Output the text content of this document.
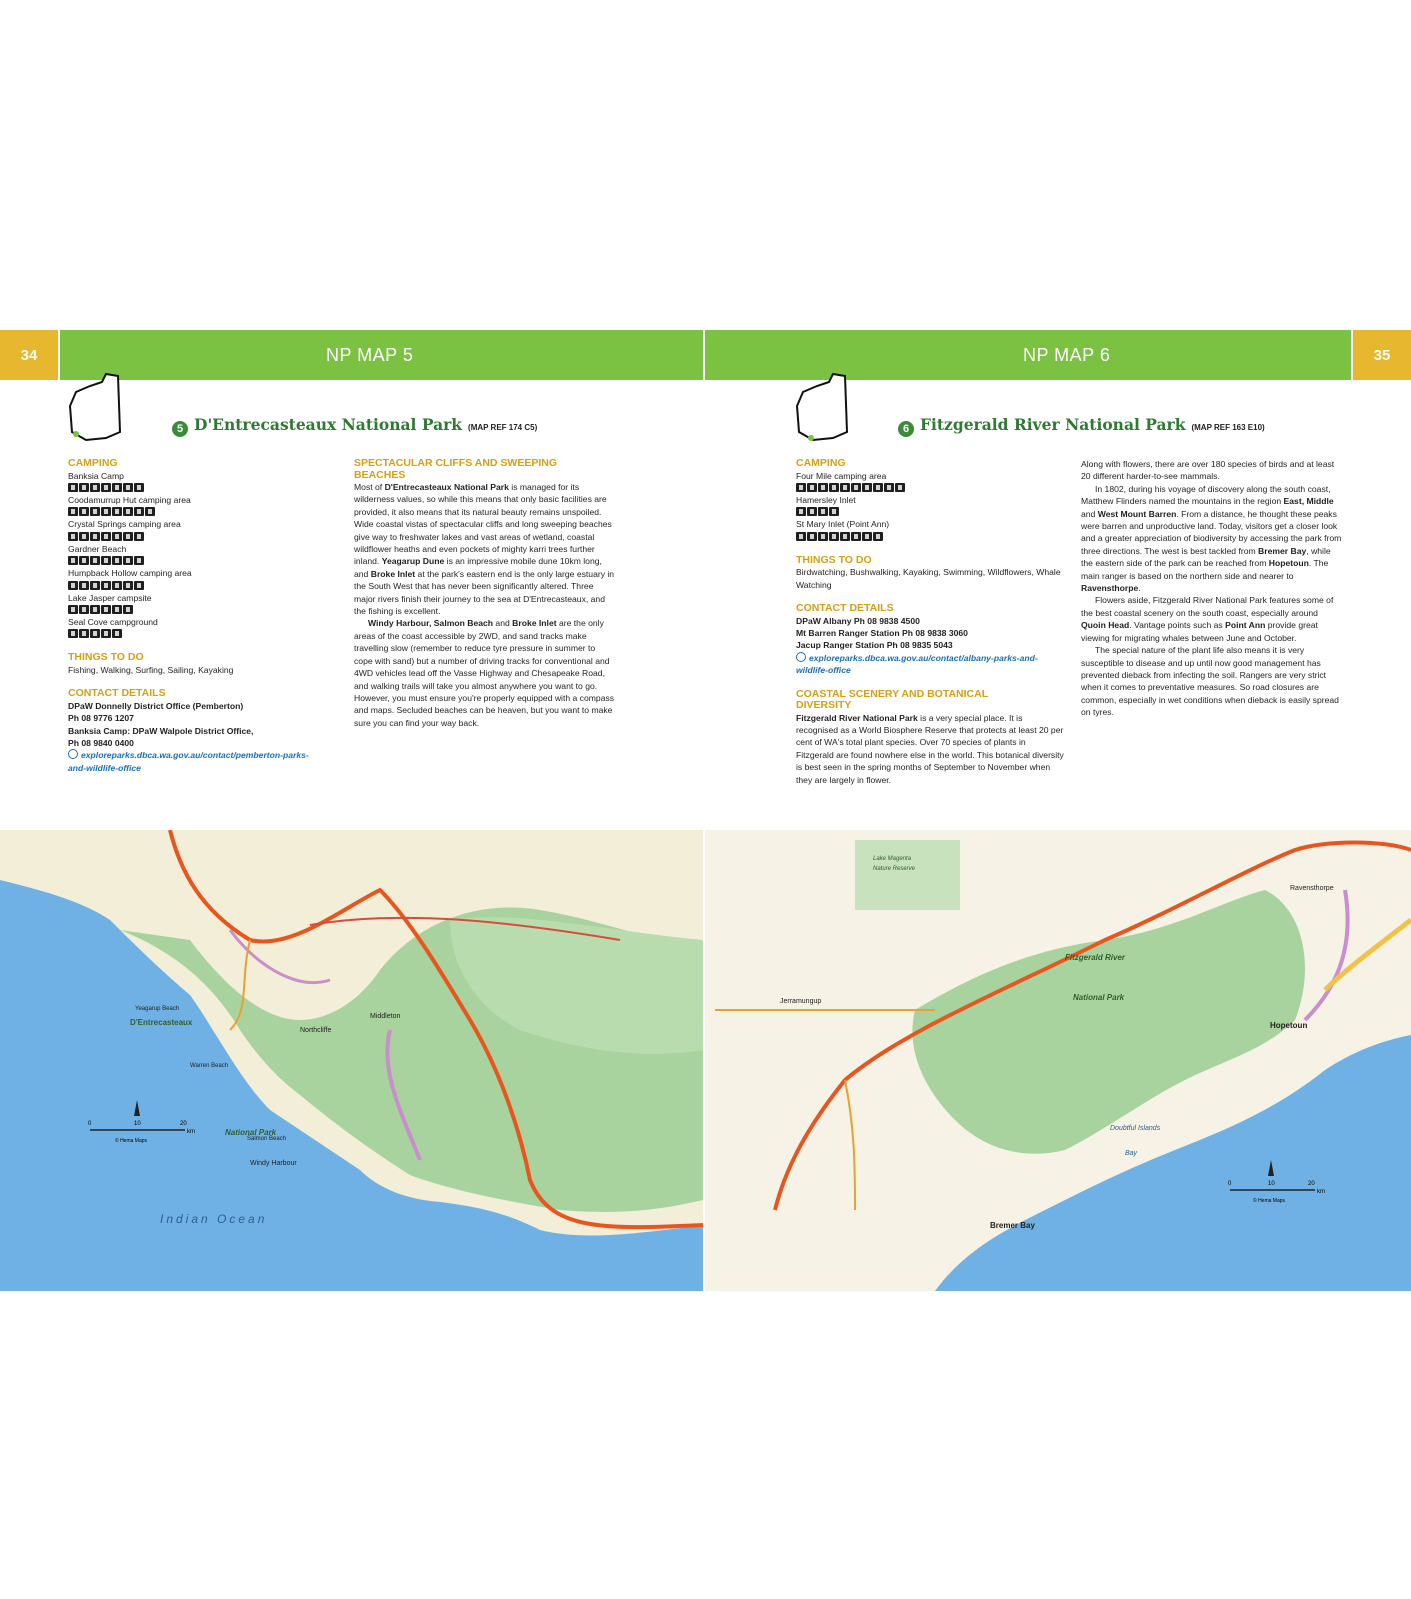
34	NP MAP 5	NP MAP 6	35
5 D'Entrecasteaux National Park (MAP REF 174 C5)
CAMPING

Banksia Camp

Coodamurrup Hut camping area

Crystal Springs camping area

Gardner Beach

Humpback Hollow camping area

Lake Jasper campsite

Seal Cove campground

THINGS TO DO

Fishing, Walking, Surfing, Sailing, Kayaking

CONTACT DETAILS

DPaW Donnelly District Office (Pemberton)

Ph 08 9776 1207

Banksia Camp: DPaW Walpole District Office,

Ph 08 9840 0400

exploreparks.dbca.wa.gov.au/contact/pemberton-parks-

and-wildlife-office

SPECTACULAR CLIFFS AND SWEEPING
BEACHES

Most of D'Entrecasteaux National Park is managed for its wilderness values, so while this means that only basic facilities are provided, it also means that its natural beauty remains unspoiled. Wide coastal vistas of spectacular cliffs and long sweeping beaches give way to freshwater lakes and vast areas of wetland, coastal wildflower heaths and even pockets of mighty karri trees further inland. Yeagarup Dune is an impressive mobile dune 10km long, and Broke Inlet at the park's eastern end is the only large estuary in the South West that has never been significantly altered. Three major rivers finish their journey to the sea at D'Entrecasteaux, and the fishing is excellent.

Windy Harbour, Salmon Beach and Broke Inlet are the only areas of the coast accessible by 2WD, and sand tracks make travelling slow (remember to reduce tyre pressure in summer to cope with sand) but a number of driving tracks for conventional and 4WD vehicles lead off the Vasse Highway and Chesapeake Road, and walking trails will take you almost anywhere you want to go. However, you must ensure you're properly equipped with a compass and maps. Secluded beaches can be heaven, but you want to make sure you can find your way back.

6 Fitzgerald River National Park (MAP REF 163 E10)
CAMPING

Four Mile camping area

Hamersley Inlet

St Mary Inlet (Point Ann)

THINGS TO DO

Birdwatching, Bushwalking, Kayaking, Swimming, Wildflowers, Whale Watching

CONTACT DETAILS

DPaW Albany Ph 08 9838 4500

Mt Barren Ranger Station Ph 08 9838 3060

Jacup Ranger Station Ph 08 9835 5043

exploreparks.dbca.wa.gov.au/contact/albany-parks-and-

wildlife-office

COASTAL SCENERY AND BOTANICAL
DIVERSITY

Fitzgerald River National Park is a very special place. It is recognised as a World Biosphere Reserve that protects at least 20 per cent of WA's total plant species. Over 70 species of plants in Fitzgerald are found nowhere else in the world. This botanical diversity is best seen in the spring months of September to November when they are largely in flower.

Along with flowers, there are over 180 species of birds and at least 20 different harder-to-see mammals.

In 1802, during his voyage of discovery along the south coast, Matthew Flinders named the mountains in the region East, Middle and West Mount Barren. From a distance, he thought these peaks were barren and unproductive land. Today, visitors get a closer look and a greater appreciation of biodiversity by accessing the park from three directions. The west is best tackled from Bremer Bay, while the eastern side of the park can be reached from Hopetoun. The main ranger is based on the northern side and nearer to Ravensthorpe.

Flowers aside, Fitzgerald River National Park features some of the best coastal scenery on the south coast, especially around Quoin Head. Vantage points such as Point Ann provide great viewing for migrating whales between June and October.

The special nature of the plant life also means it is very susceptible to disease and up until now good management has prevented dieback from infecting the soil. Rangers are very strict when it comes to preventative measures. So road closures are common, especially in wet conditions when dieback is easily spread on tyres.

Indian Ocean
D'Entrecasteaux
National Park
Windy Harbour
Warren Beach
Salmon Beach
Yeagarup Beach
Northcliffe
Middleton
0	10	20
km
© Hema Maps
Fitzgerald River
National Park
Hopetoun
Bremer Bay
Ravensthorpe
Jerramungup
Doubtful Islands
Bay
Lake Magenta
Nature Reserve
0	10	20
km
© Hema Maps
